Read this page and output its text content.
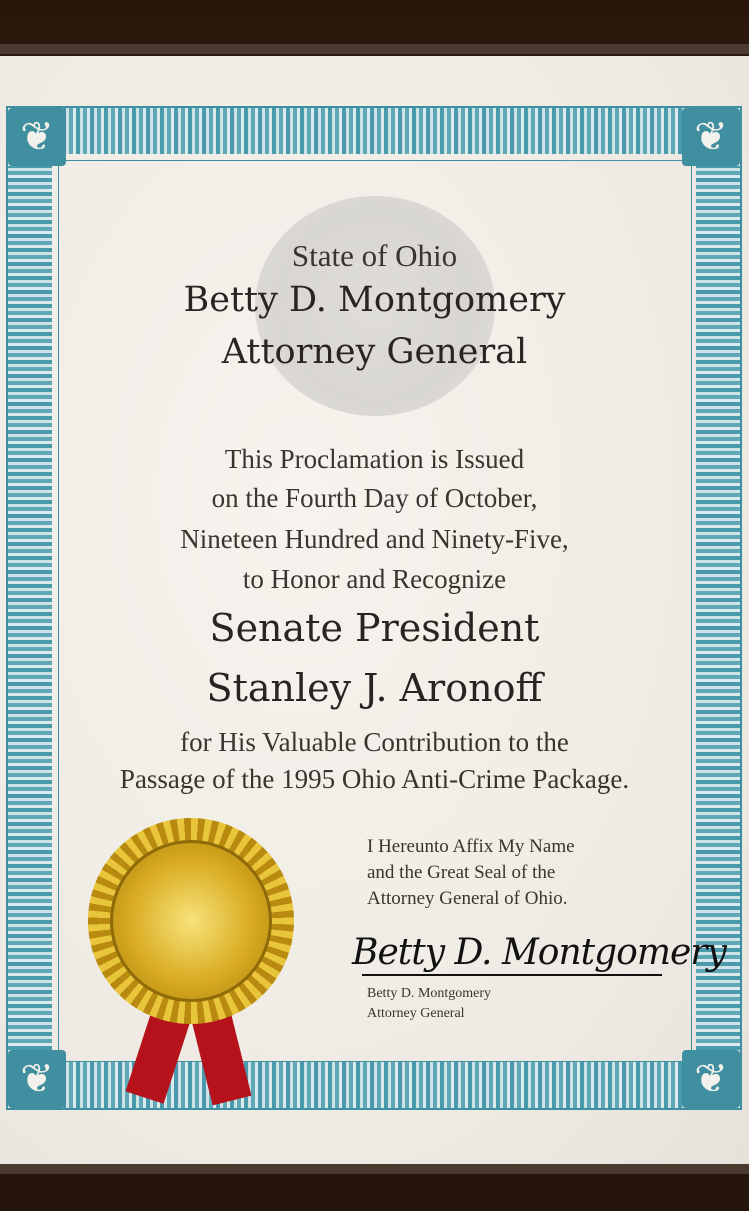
❦	❦
❦	❦
State of Ohio
Betty D. Montgomery
Attorney General
This Proclamation is Issued
on the Fourth Day of October,
Nineteen Hundred and Ninety-Five,
to Honor and Recognize
Senate President
Stanley J. Aronoff
for His Valuable Contribution to the
Passage of the 1995 Ohio Anti-Crime Package.
I Hereunto Affix My Name
and the Great Seal of the
Attorney General of Ohio.
Betty D. Montgomery
Betty D. Montgomery
Attorney General
